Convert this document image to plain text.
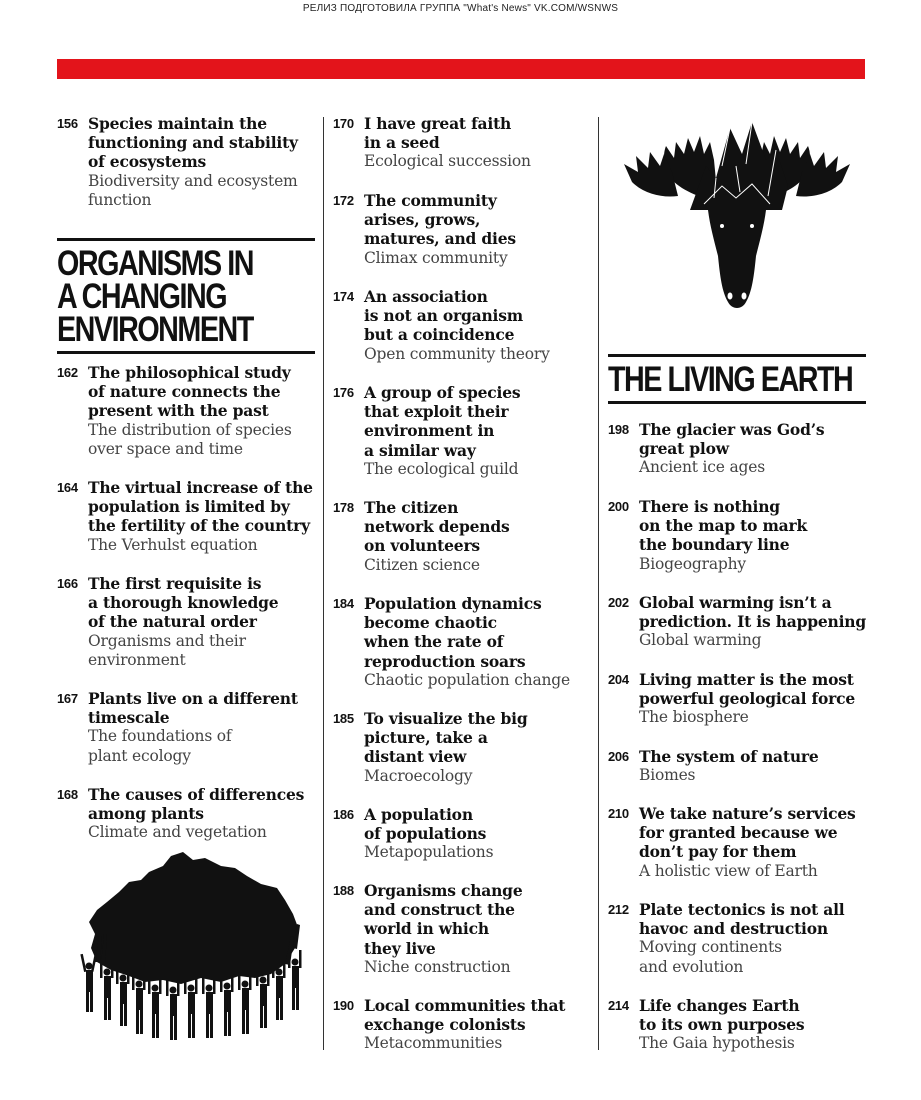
РЕЛИЗ ПОДГОТОВИЛА ГРУППА "What's News" VK.COM/WSNWS
156 Species maintain the
functioning and stability
of ecosystems
Biodiversity and ecosystem
function
ORGANISMS IN
A CHANGING
ENVIRONMENT
162 The philosophical study
of nature connects the
present with the past
The distribution of species
over space and time
164 The virtual increase of the
population is limited by
the fertility of the country
The Verhulst equation
166 The first requisite is
a thorough knowledge
of the natural order
Organisms and their
environment
167 Plants live on a different
timescale
The foundations of
plant ecology
168 The causes of differences
among plants
Climate and vegetation
170 I have great faith
in a seed
Ecological succession
172 The community
arises, grows,
matures, and dies
Climax community
174 An association
is not an organism
but a coincidence
Open community theory
176 A group of species
that exploit their
environment in
a similar way
The ecological guild
178 The citizen
network depends
on volunteers
Citizen science
184 Population dynamics
become chaotic
when the rate of
reproduction soars
Chaotic population change
185 To visualize the big
picture, take a
distant view
Macroecology
186 A population
of populations
Metapopulations
188 Organisms change
and construct the
world in which
they live
Niche construction
190 Local communities that
exchange colonists
Metacommunities
THE LIVING EARTH
198 The glacier was God’s
great plow
Ancient ice ages
200 There is nothing
on the map to mark
the boundary line
Biogeography
202 Global warming isn’t a
prediction. It is happening
Global warming
204 Living matter is the most
powerful geological force
The biosphere
206 The system of nature
Biomes
210 We take nature’s services
for granted because we
don’t pay for them
A holistic view of Earth
212 Plate tectonics is not all
havoc and destruction
Moving continents
and evolution
214 Life changes Earth
to its own purposes
The Gaia hypothesis
